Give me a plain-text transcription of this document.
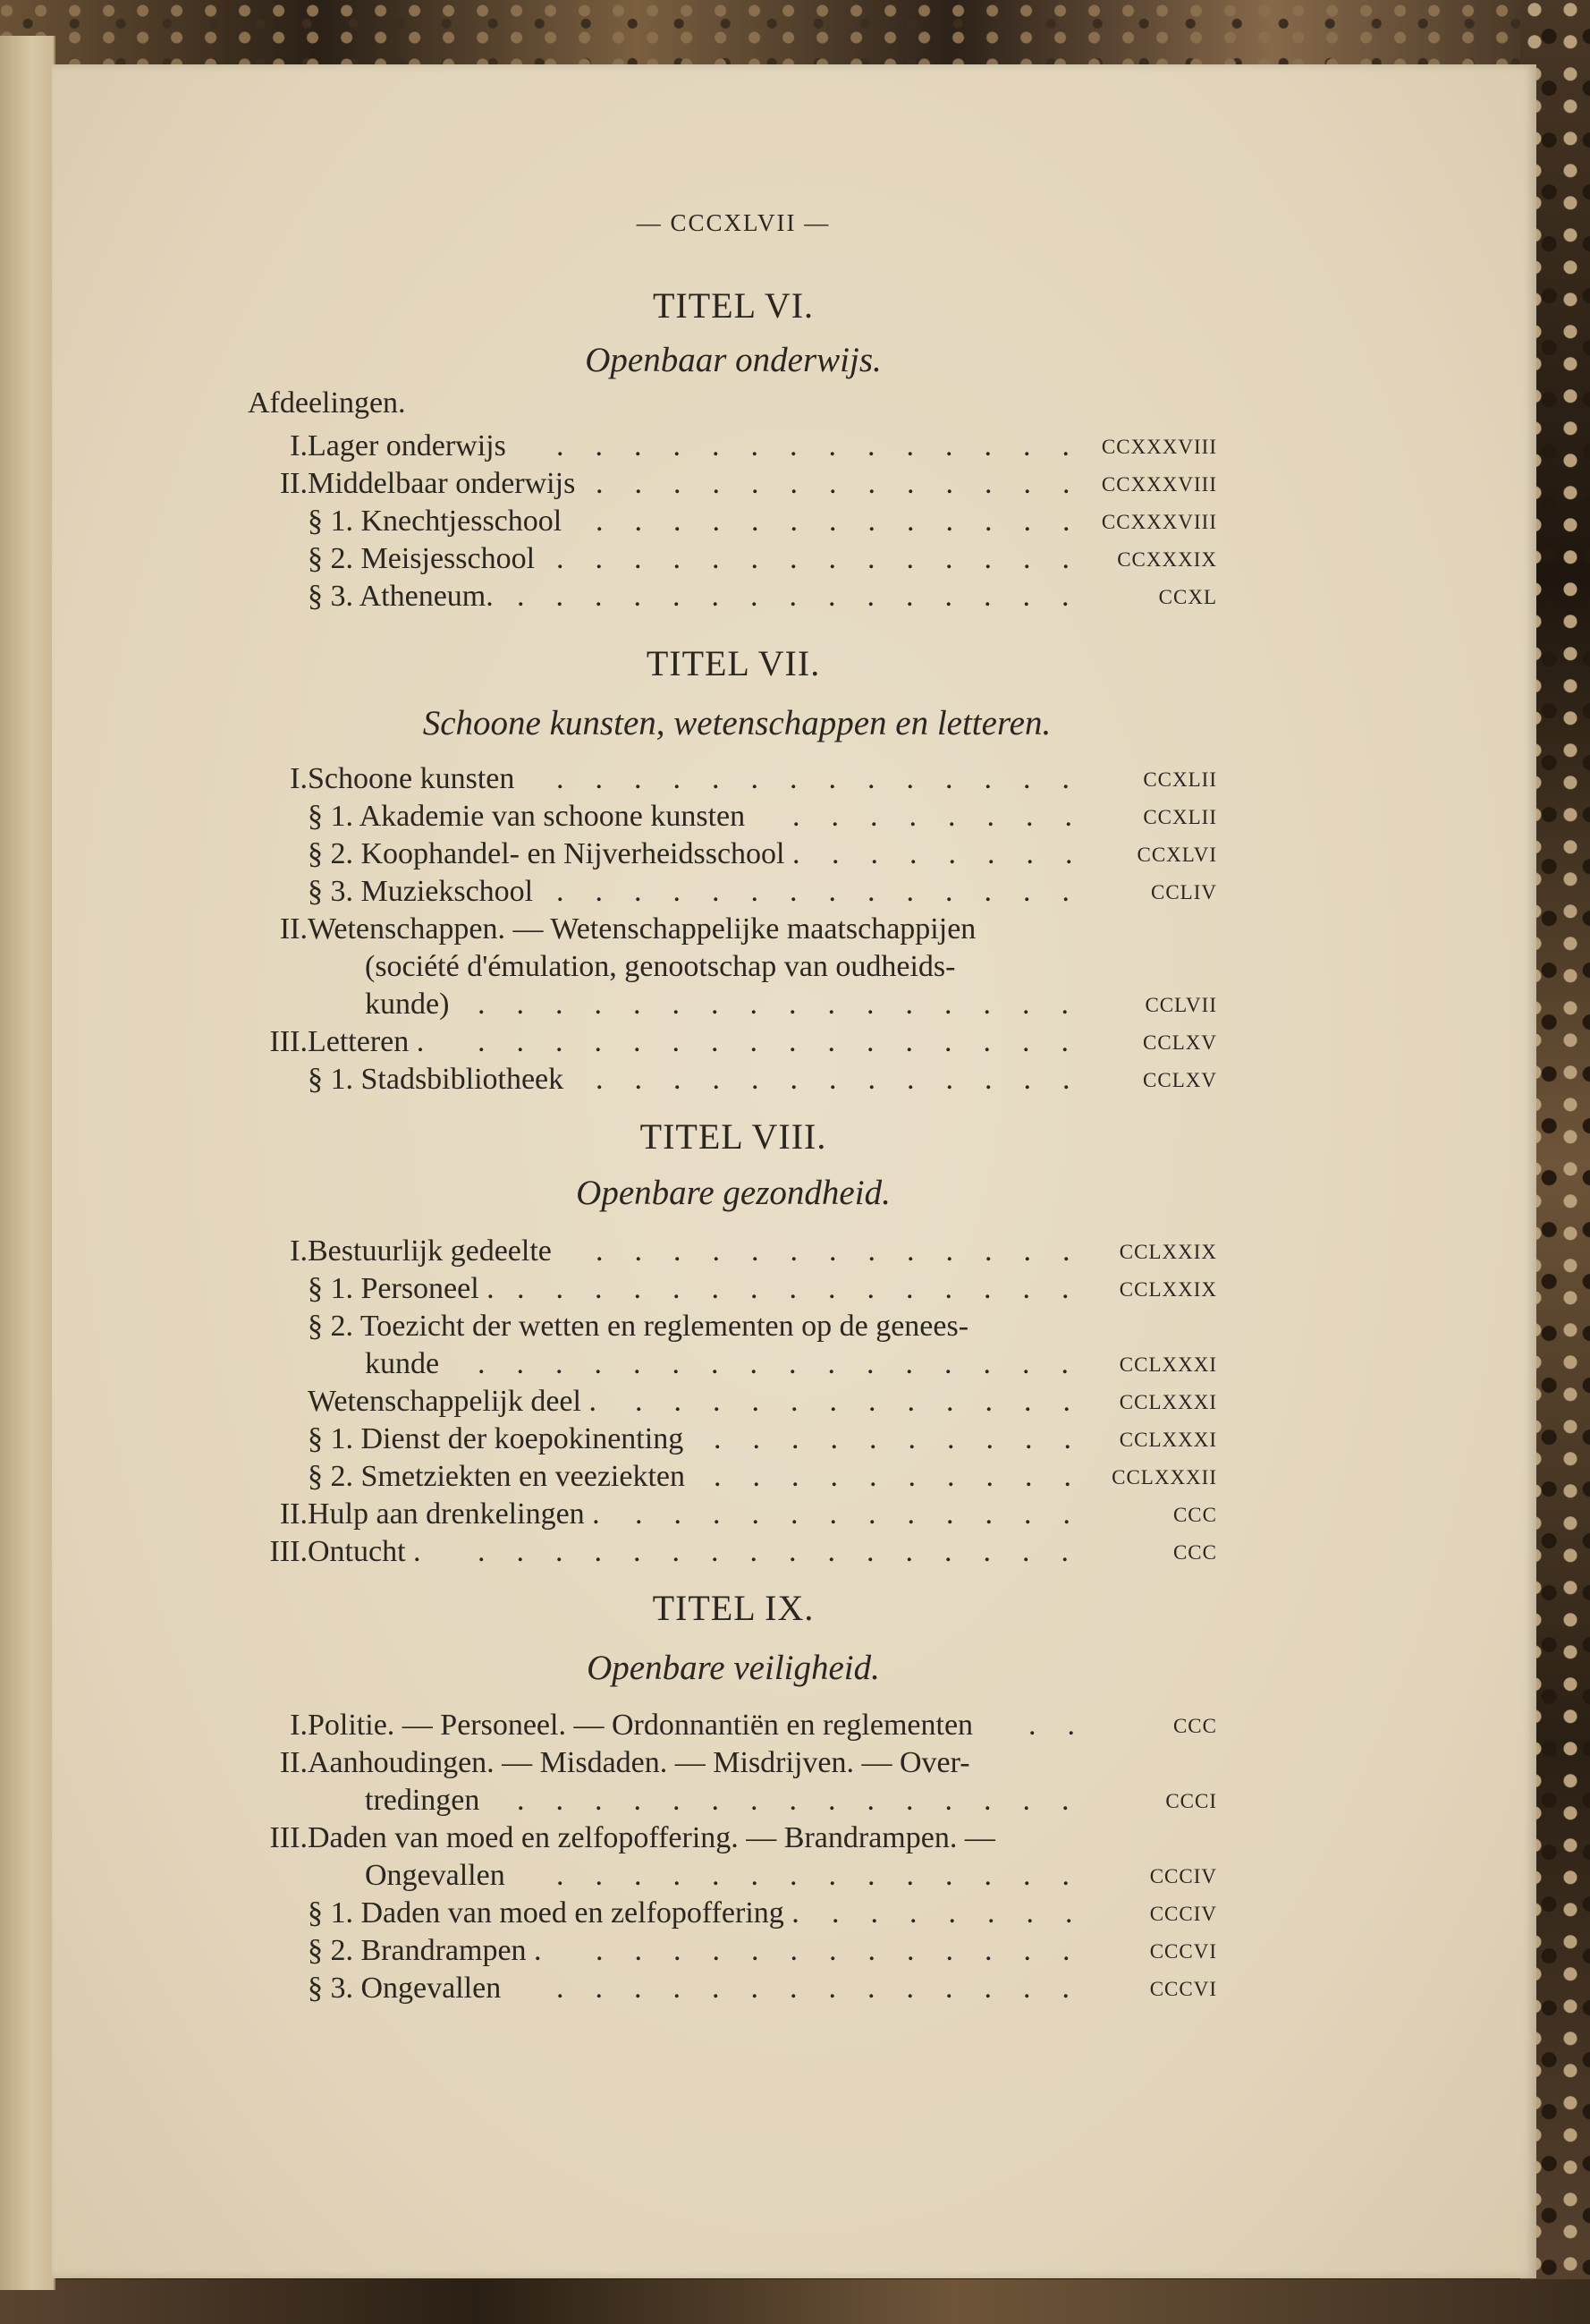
— CCCXLVII —
TITEL VI.
Openbaar onderwijs.
Afdeelingen.
I. Lager onderwijs .............. CCXXXVIII
II. Middelbaar onderwijs ............. CCXXXVIII
§ 1. Knechtjesschool ............. CCXXXVIII
§ 2. Meisjesschool .............. CCXXXIX
§ 3. Atheneum. ...............	CCXL
TITEL VII.
Schoone kunsten, wetenschappen en letteren.
I. Schoone kunsten .............. CCXLII
§ 1. Akademie van schoone kunsten ........ CCXLII
§ 2. Koophandel- en Nijverheidsschool . ....... CCXLVI
§ 3. Muziekschool .............. CCLIV
II. Wetenschappen. — Wetenschappelijke maatschappijen
(société d'émulation, genootschap van oudheids-
kunde) ................ CCLVII
III. Letteren . ................ CCLXV
§ 1. Stadsbibliotheek ............. CCLXV
TITEL VIII.
Openbare gezondheid.
I. Bestuurlijk gedeelte ............. CCLXXIX
§ 1. Personeel . ............... CCLXXIX
§ 2. Toezicht der wetten en reglementen op de genees-
kunde ................ CCLXXXI
Wetenschappelijk deel . ............ CCLXXXI
§ 1. Dienst der koepokinenting .......... CCLXXXI
§ 2. Smetziekten en veeziekten .......... CCLXXXII
II. Hulp aan drenkelingen . ............	CCC
III. Ontucht . ................	CCC
TITEL IX.
Openbare veiligheid.
I. Politie. — Personeel. — Ordonnantiën en reglementen ..	CCC
II. Aanhoudingen. — Misdaden. — Misdrijven. — Over-
tredingen ...............	CCCI
III. Daden van moed en zelfopoffering. — Brandrampen. —
Ongevallen .............. CCCIV
§ 1. Daden van moed en zelfopoffering . ....... CCCIV
§ 2. Brandrampen . ............. CCCVI
§ 3. Ongevallen .............. CCCVI
